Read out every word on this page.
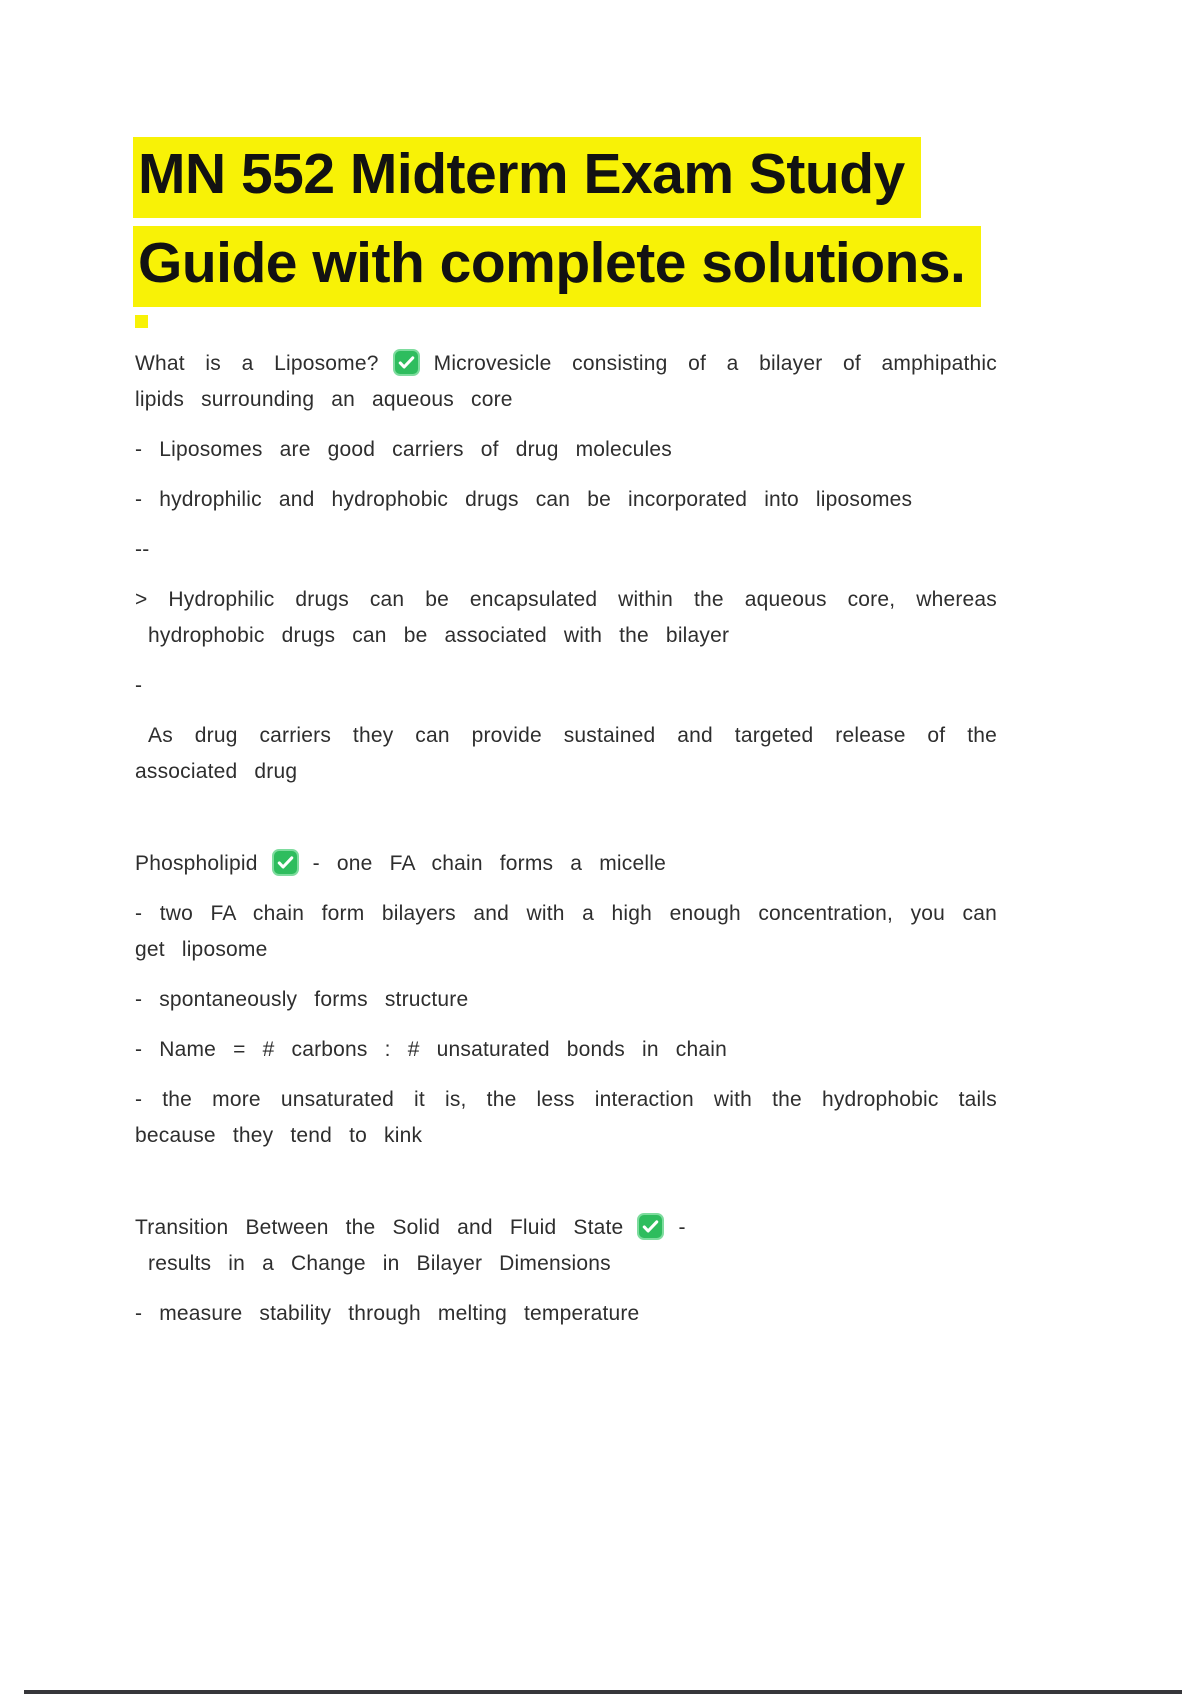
MN 552 Midterm Exam Study
Guide with complete solutions.

What is a Liposome?	Microvesicle consisting of a bilayer of amphipathic lipids surrounding an aqueous core

- Liposomes are good carriers of drug molecules

- hydrophilic and hydrophobic drugs can be incorporated into liposomes

--

> Hydrophilic drugs can be encapsulated within the aqueous core, whereas hydrophobic drugs can be associated with the bilayer

-

As drug carriers they can provide sustained and targeted release of the associated drug

Phospholipid	- one FA chain forms a micelle

- two FA chain form bilayers and with a high enough concentration, you can get liposome

- spontaneously forms structure

- Name = # carbons : # unsaturated bonds in chain

- the more unsaturated it is, the less interaction with the hydrophobic tails because they tend to kink

Transition Between the Solid and Fluid State	-
results in a Change in Bilayer Dimensions

- measure stability through melting temperature
